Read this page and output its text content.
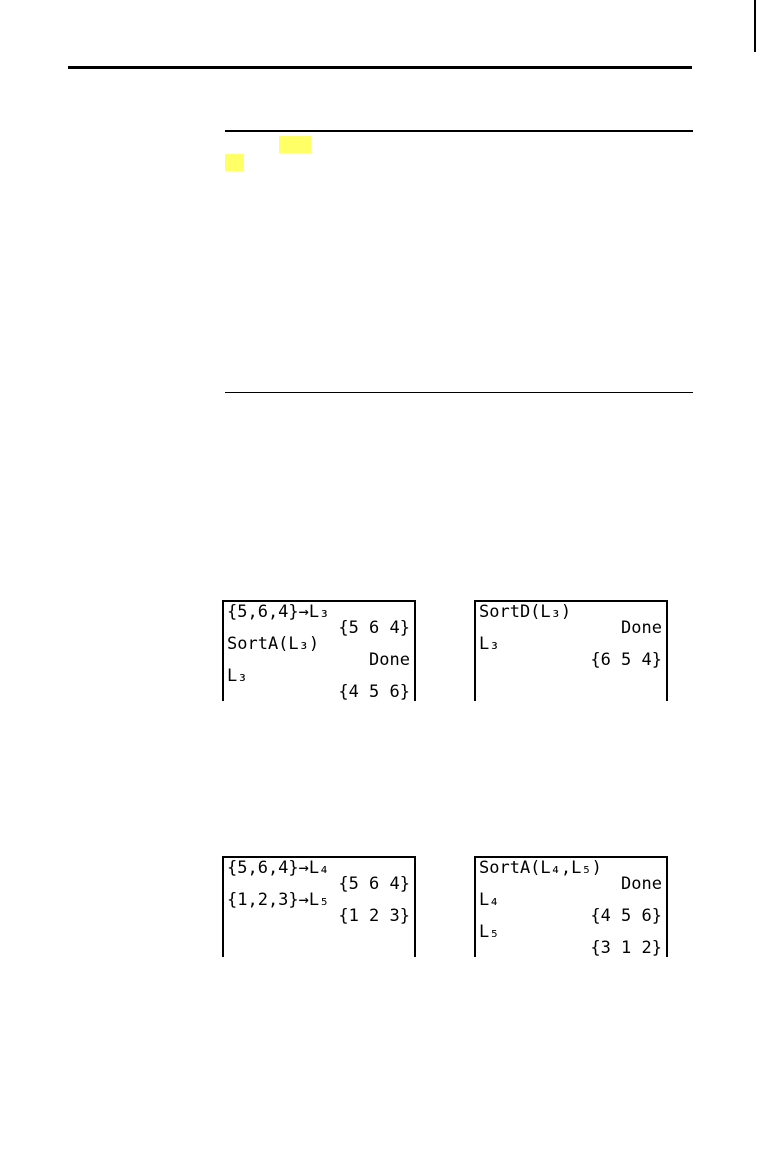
{5,6,4}→L₃
{5 6 4}
SortA(L₃)
Done
L₃
{4 5 6}
SortD(L₃)
Done
L₃
{6 5 4}
{5,6,4}→L₄
{5 6 4}
{1,2,3}→L₅
{1 2 3}
SortA(L₄,L₅)
Done
L₄
{4 5 6}
L₅
{3 1 2}
